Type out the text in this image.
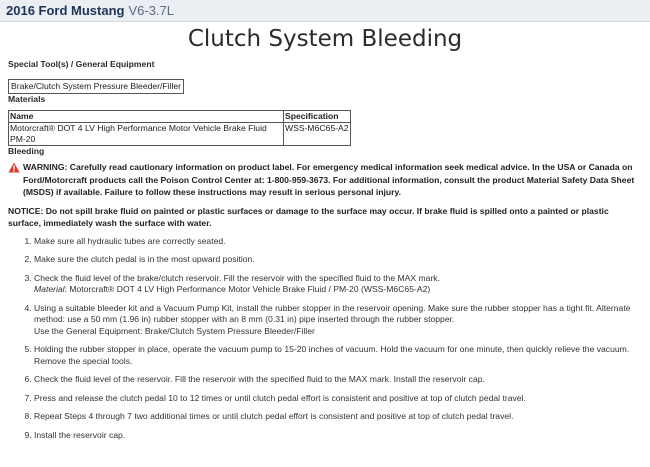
2016 Ford Mustang V6-3.7L
Clutch System Bleeding

Special Tool(s) / General Equipment

Brake/Clutch System Pressure Bleeder/Filler

Materials

Name	Specification
Motorcraft® DOT 4 LV High Performance Motor Vehicle Brake Fluid PM-20	WSS-M6C65-A2

Bleeding

WARNING: Carefully read cautionary information on product label. For emergency medical information seek medical advice. In the USA or Canada on Ford/Motorcraft products call the Poison Control Center at: 1-800-959-3673. For additional information, consult the product Material Safety Data Sheet (MSDS) if available. Failure to follow these instructions may result in serious personal injury.
NOTICE: Do not spill brake fluid on painted or plastic surfaces or damage to the surface may occur. If brake fluid is spilled onto a painted or plastic surface, immediately wash the surface with water.
1. Make sure all hydraulic tubes are correctly seated.
2. Make sure the clutch pedal is in the most upward position.
3. Check the fluid level of the brake/clutch reservoir. Fill the reservoir with the specified fluid to the MAX mark.
Material: Motorcraft® DOT 4 LV High Performance Motor Vehicle Brake Fluid / PM-20 (WSS-M6C65-A2)
4. Using a suitable bleeder kit and a Vacuum Pump Kit, install the rubber stopper in the reservoir opening. Make sure the rubber stopper has a tight fit. Alternate method: use a 50 mm (1.96 in) rubber stopper with an 8 mm (0.31 in) pipe inserted through the rubber stopper.
Use the General Equipment: Brake/Clutch System Pressure Bleeder/Filler
5. Holding the rubber stopper in place, operate the vacuum pump to 15-20 inches of vacuum. Hold the vacuum for one minute, then quickly relieve the vacuum. Remove the special tools.
6. Check the fluid level of the reservoir. Fill the reservoir with the specified fluid to the MAX mark. Install the reservoir cap.
7. Press and release the clutch pedal 10 to 12 times or until clutch pedal effort is consistent and positive at top of clutch pedal travel.
8. Repeat Steps 4 through 7 two additional times or until clutch pedal effort is consistent and positive at top of clutch pedal travel.
9. Install the reservoir cap.
